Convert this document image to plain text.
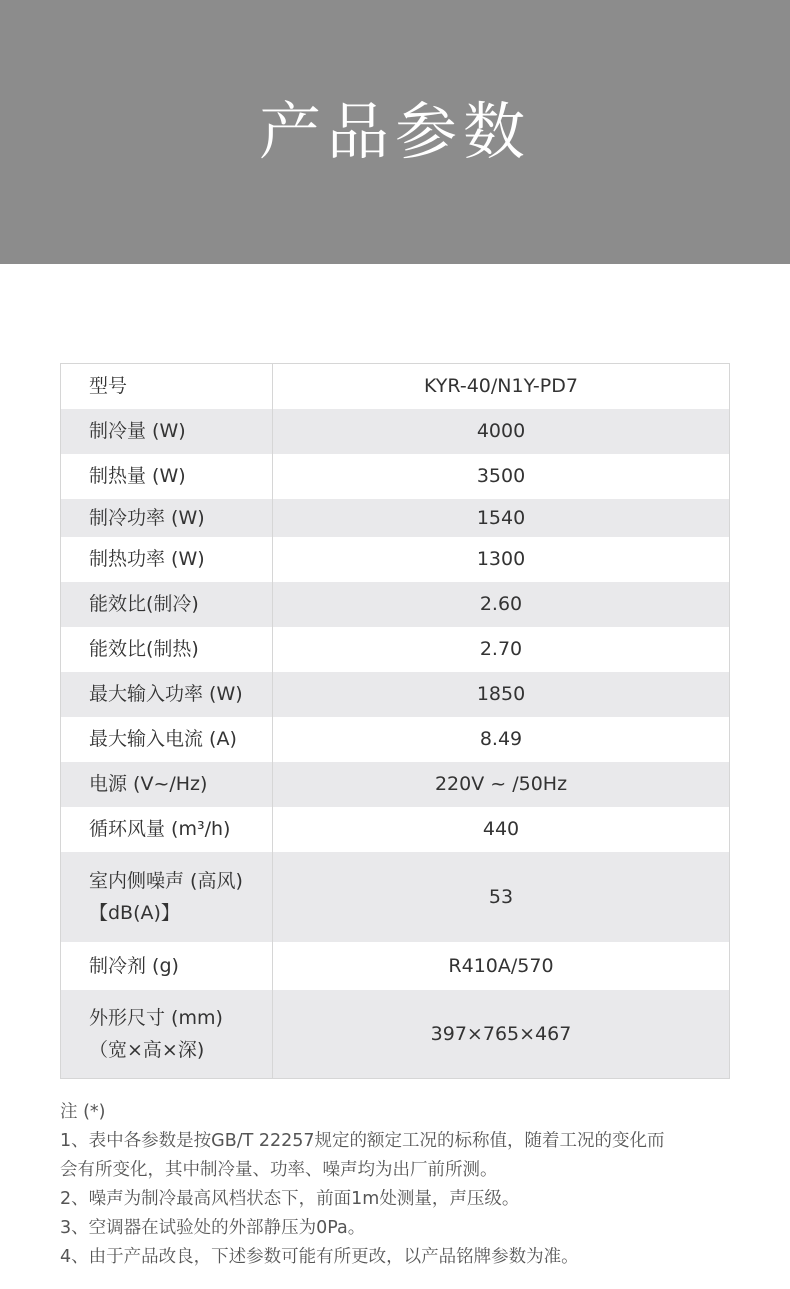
产品参数
型号	KYR-40/N1Y-PD7
制冷量 (W)	4000
制热量 (W)	3500
制冷功率 (W)	1540
制热功率 (W)	1300
能效比(制冷)	2.60
能效比(制热)	2.70
最大输入功率 (W)	1850
最大输入电流 (A)	8.49
电源 (V~/Hz)	220V ~ /50Hz
循环风量 (m³/h)	440

室内侧噪声 (高风)
【dB(A)】	53
制冷剂 (g)	R410A/570

外形尺寸 (mm)
（宽×高×深)	397×765×467
注 (*)
1、表中各参数是按GB/T 22257规定的额定工况的标称值，随着工况的变化而
会有所变化，其中制冷量、功率、噪声均为出厂前所测。
2、噪声为制冷最高风档状态下，前面1m处测量，声压级。
3、空调器在试验处的外部静压为0Pa。
4、由于产品改良，下述参数可能有所更改，以产品铭牌参数为准。
